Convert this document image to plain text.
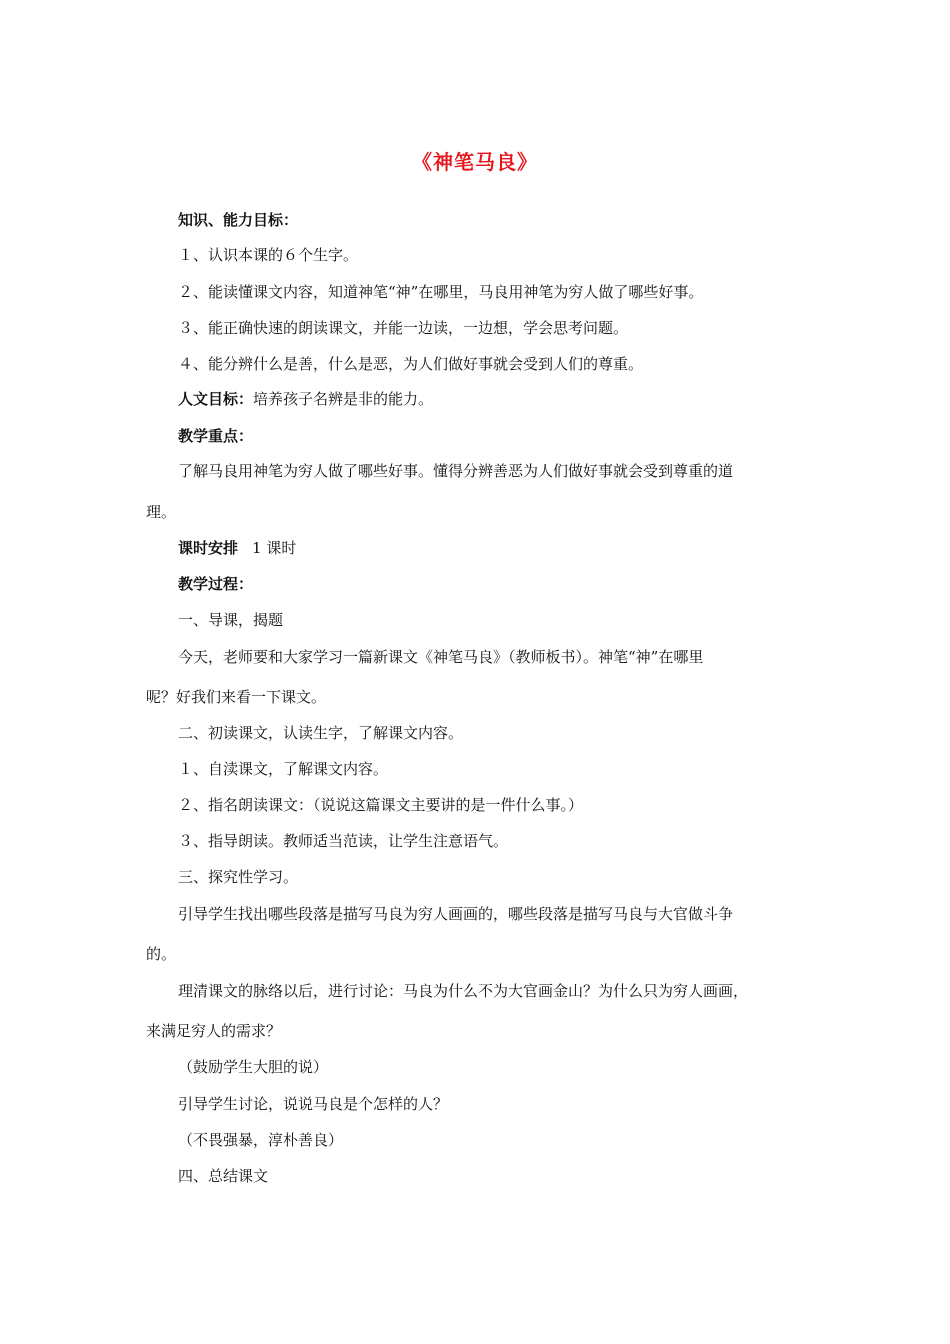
《神笔马良》
知识、能力目标：
１、认识本课的６个生字。
２、能读懂课文内容，知道神笔“神”在哪里，马良用神笔为穷人做了哪些好事。
３、能正确快速的朗读课文，并能一边读，一边想，学会思考问题。
４、能分辨什么是善，什么是恶，为人们做好事就会受到人们的尊重。
人文目标：培养孩子名辨是非的能力。
教学重点：
了解马良用神笔为穷人做了哪些好事。懂得分辨善恶为人们做好事就会受到尊重的道
理。
课时安排 1 课时
教学过程：
一、导课，揭题
今天，老师要和大家学习一篇新课文《神笔马良》（教师板书）。神笔“神”在哪里
呢？好我们来看一下课文。
二、初读课文，认读生字，了解课文内容。
１、自渎课文，了解课文内容。
２、指名朗读课文：（说说这篇课文主要讲的是一件什么事。）
３、指导朗读。教师适当范读，让学生注意语气。
三、探究性学习。
引导学生找出哪些段落是描写马良为穷人画画的，哪些段落是描写马良与大官做斗争
的。
理清课文的脉络以后，进行讨论：马良为什么不为大官画金山？为什么只为穷人画画，
来满足穷人的需求？
（鼓励学生大胆的说）
引导学生讨论，说说马良是个怎样的人？
（不畏强暴，淳朴善良）
四、总结课文
